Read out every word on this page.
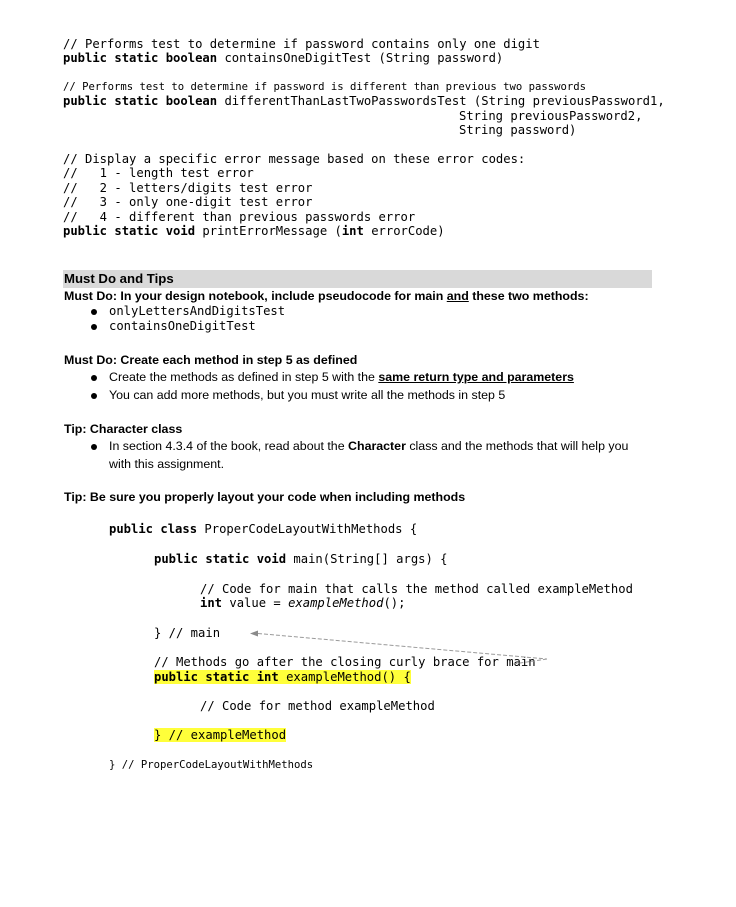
// Performs test to determine if password contains only one digit
public static boolean containsOneDigitTest (String password)
// Performs test to determine if password is different than previous two passwords
public static boolean differentThanLastTwoPasswordsTest (String previousPassword1,
String previousPassword2,
String password)
// Display a specific error message based on these error codes:
//   1 - length test error
//   2 - letters/digits test error
//   3 - only one-digit test error
//   4 - different than previous passwords error
public static void printErrorMessage (int errorCode)
Must Do and Tips
Must Do: In your design notebook, include pseudocode for main and these two methods:
onlyLettersAndDigitsTest
containsOneDigitTest
Must Do: Create each method in step 5 as defined
Create the methods as defined in step 5 with the same return type and parameters
You can add more methods, but you must write all the methods in step 5
Tip: Character class
In section 4.3.4 of the book, read about the Character class and the methods that will help you
with this assignment.
Tip: Be sure you properly layout your code when including methods
public class ProperCodeLayoutWithMethods {
public static void main(String[] args) {
// Code for main that calls the method called exampleMethod
int value = exampleMethod();
} // main
// Methods go after the closing curly brace for main
public static int exampleMethod() {
// Code for method exampleMethod
} // exampleMethod
} // ProperCodeLayoutWithMethods
